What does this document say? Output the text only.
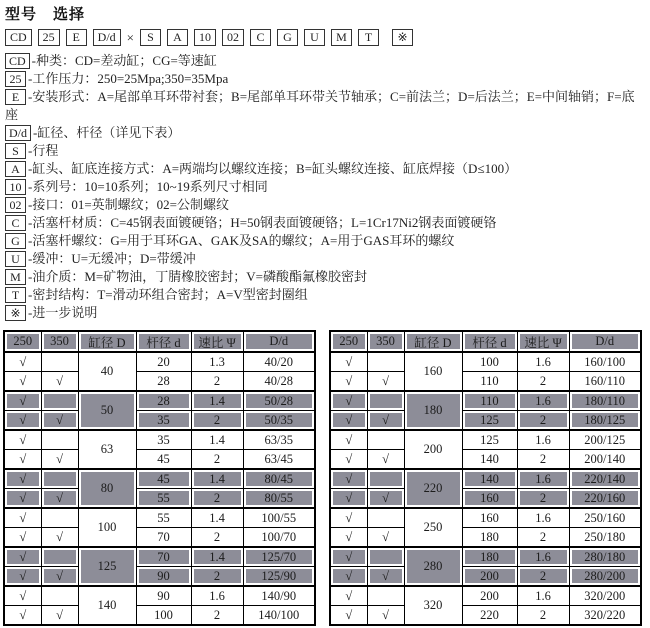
型号　选择
CD	25	E	D/d ×	S	A	10	02	C	G	U	M	T	※
CD -种类：CD=差动缸；CG=等速缸
25 -工作压力：250=25Mpa;350=35Mpa
E -安装形式：A=尾部单耳环带衬套；B=尾部单耳环带关节轴承；C=前法兰；D=后法兰；E=中间轴销；F=底座
D/d -缸径、杆径（详见下表）
S -行程
A -缸头、缸底连接方式：A=两端均以螺纹连接；B=缸头螺纹连接、缸底焊接（D≤100）
10 -系列号：10=10系列；10~19系列尺寸相同
02 -接口：01=英制螺纹；02=公制螺纹
C -活塞杆材质：C=45钢表面镀硬铬；H=50钢表面镀硬铬；L=1Cr17Ni2钢表面镀硬铬
G -活塞杆螺纹：G=用于耳环GA、GAK及SA的螺纹；A=用于GAS耳环的螺纹
U -缓冲：U=无缓冲；D=带缓冲
M -油介质：M=矿物油，丁腈橡胶密封；V=磷酸酯氟橡胶密封
T -密封结构：T=滑动环组合密封；A=V型密封圈组
※ -进一步说明
250	350	缸径 D	杆径 d	速比 Ψ	D/d
√		40	20	1.3	40/20
√	√		28	2	40/28
√		50	28	1.4	50/28
√	√		35	2	50/35
√		63	35	1.4	63/35
√	√		45	2	63/45
√		80	45	1.4	80/45
√	√		55	2	80/55
√		100	55	1.4	100/55
√	√		70	2	100/70
√		125	70	1.4	125/70
√	√		90	2	125/90
√		140	90	1.6	140/90
√	√		100	2	140/100
250	350	缸径 D	杆径 d	速比 Ψ	D/d
√		160	100	1.6	160/100
√	√		110	2	160/110
√		180	110	1.6	180/110
√	√		125	2	180/125
√		200	125	1.6	200/125
√	√		140	2	200/140
√		220	140	1.6	220/140
√	√		160	2	220/160
√		250	160	1.6	250/160
√	√		180	2	250/180
√		280	180	1.6	280/180
√	√		200	2	280/200
√		320	200	1.6	320/200
√	√		220	2	320/220
